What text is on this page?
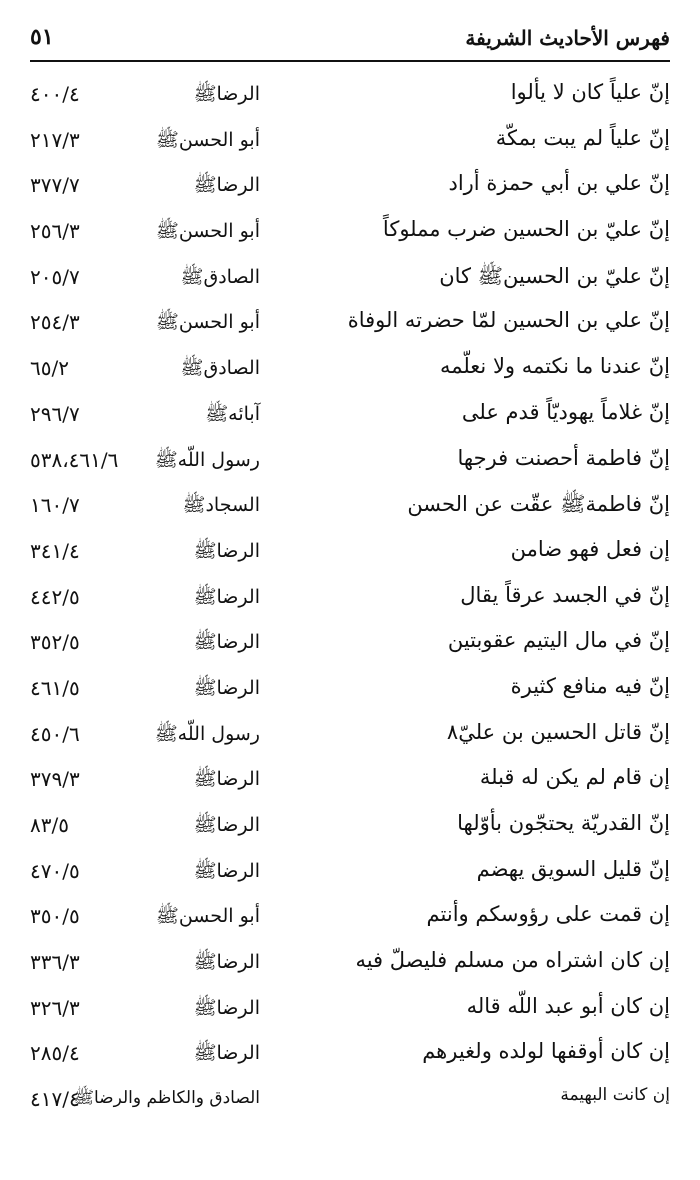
فهرس الأحاديث الشريفة
٥١
إنّ علياً كان لا يألوا
الرضاﷺ
٤٠٠/٤
إنّ علياً لم يبت بمكّة
أبو الحسنﷺ
٢١٧/٣
إنّ علي بن أبي حمزة أراد
الرضاﷺ
٣٧٧/٧
إنّ عليّ بن الحسين ضرب مملوكاً
أبو الحسنﷺ
٢٥٦/٣
إنّ عليّ بن الحسينﷺ كان
الصادقﷺ
٢٠٥/٧
إنّ علي بن الحسين لمّا حضرته الوفاة
أبو الحسنﷺ
٢٥٤/٣
إنّ عندنا ما نكتمه ولا نعلّمه
الصادقﷺ
٦٥/٢
إنّ غلاماً يهوديّاً قدم على
آبائهﷺ
٢٩٦/٧
إنّ فاطمة أحصنت فرجها
رسول اللّهﷺ
٥٣٨،٤٦١/٦
إنّ فاطمةﷺ عقّت عن الحسن
السجادﷺ
١٦٠/٧
إن فعل فهو ضامن
الرضاﷺ
٣٤١/٤
إنّ في الجسد عرقاً يقال
الرضاﷺ
٤٤٢/٥
إنّ في مال اليتيم عقوبتين
الرضاﷺ
٣٥٢/٥
إنّ فيه منافع كثيرة
الرضاﷺ
٤٦١/٥
إنّ قاتل الحسين بن عليّ٨
رسول اللّهﷺ
٤٥٠/٦
إن قام لم يكن له قبلة
الرضاﷺ
٣٧٩/٣
إنّ القدريّة يحتجّون بأوّلها
الرضاﷺ
٨٣/٥
إنّ قليل السويق يهضم
الرضاﷺ
٤٧٠/٥
إن قمت على رؤوسكم وأنتم
أبو الحسنﷺ
٣٥٠/٥
إن كان اشتراه من مسلم فليصلّ فيه
الرضاﷺ
٣٣٦/٣
إن كان أبو عبد اللّه قاله
الرضاﷺ
٣٢٦/٣
إن كان أوقفها لولده ولغيرهم
الرضاﷺ
٢٨٥/٤
إن كانت البهيمة
الصادق والكاظم والرضاﷺ
٤١٧/٤
